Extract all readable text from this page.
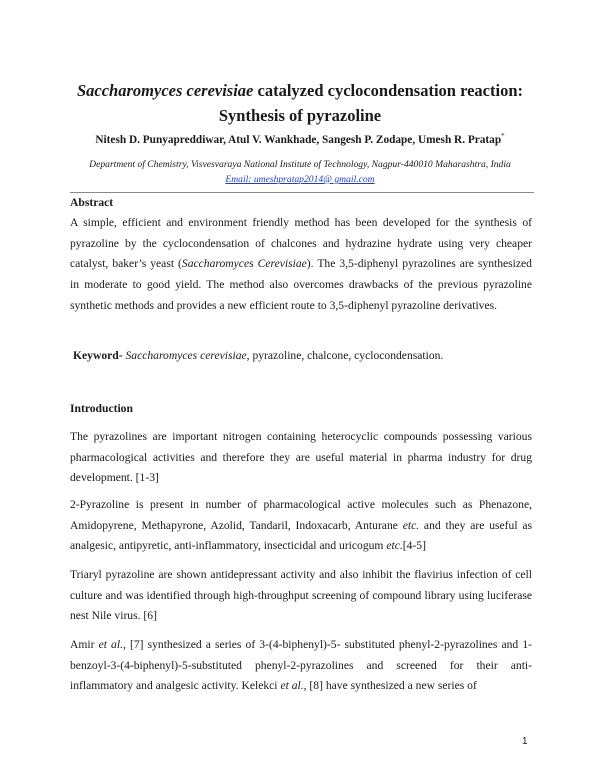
Saccharomyces cerevisiae catalyzed cyclocondensation reaction:
Synthesis of pyrazoline
Nitesh D. Punyapreddiwar, Atul V. Wankhade, Sangesh P. Zodape, Umesh R. Pratap*
Department of Chemistry, Visvesvaraya National Institute of Technology, Nagpur-440010 Maharashtra, India
Email: umeshpratap2014@ gmail.com
Abstract
A simple, efficient and environment friendly method has been developed for the synthesis of pyrazoline by the cyclocondensation of chalcones and hydrazine hydrate using very cheaper catalyst, baker’s yeast (Saccharomyces Cerevisiae). The 3,5-diphenyl pyrazolines are synthesized in moderate to good yield. The method also overcomes drawbacks of the previous pyrazoline synthetic methods and provides a new efficient route to 3,5-diphenyl pyrazoline derivatives.
Keyword- Saccharomyces cerevisiae, pyrazoline, chalcone, cyclocondensation.
Introduction
The pyrazolines are important nitrogen containing heterocyclic compounds possessing various pharmacological activities and therefore they are useful material in pharma industry for drug development. [1-3]
2-Pyrazoline is present in number of pharmacological active molecules such as Phenazone, Amidopyrene, Methapyrone, Azolid, Tandaril, Indoxacarb, Anturane etc. and they are useful as analgesic, antipyretic, anti-inflammatory, insecticidal and uricogum etc.[4-5]
Triaryl pyrazoline are shown antidepressant activity and also inhibit the flavirius infection of cell culture and was identified through high-throughput screening of compound library using luciferase nest Nile virus. [6]
Amir et al., [7] synthesized a series of 3-(4-biphenyl)-5- substituted phenyl-2-pyrazolines and 1-benzoyl-3-(4-biphenyl)-5-substituted phenyl-2-pyrazolines and screened for their anti-inflammatory and analgesic activity. Kelekci et al., [8] have synthesized a new series of
1
